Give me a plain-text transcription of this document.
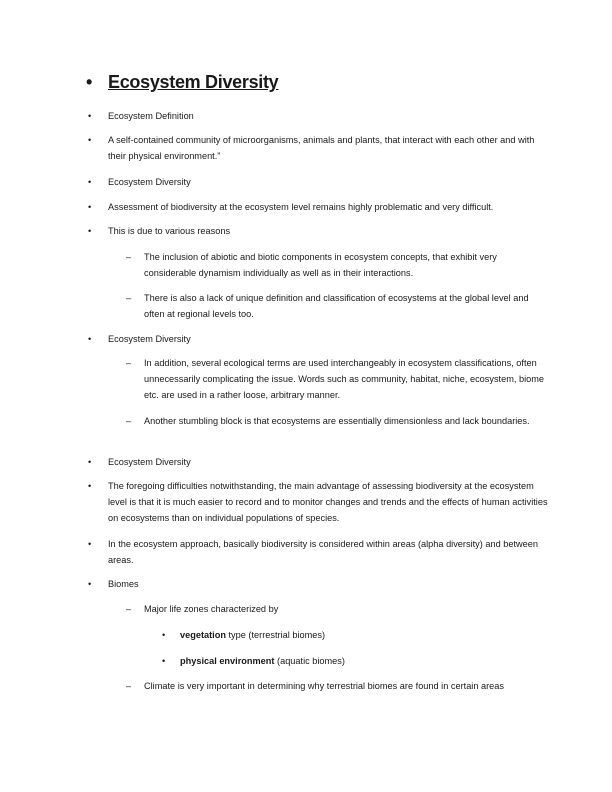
• Ecosystem Diversity
• Ecosystem Definition
• A self-contained community of microorganisms, animals and plants, that interact with each other and with their physical environment.”
• Ecosystem Diversity
• Assessment of biodiversity at the ecosystem level remains highly problematic and very difficult.
• This is due to various reasons
– The inclusion of abiotic and biotic components in ecosystem concepts, that exhibit very considerable dynamism individually as well as in their interactions.
– There is also a lack of unique definition and classification of ecosystems at the global level and often at regional levels too.
• Ecosystem Diversity
– In addition, several ecological terms are used interchangeably in ecosystem classifications, often unnecessarily complicating the issue. Words such as community, habitat, niche, ecosystem, biome etc. are used in a rather loose, arbitrary manner.
– Another stumbling block is that ecosystems are essentially dimensionless and lack boundaries.
• Ecosystem Diversity
• The foregoing difficulties notwithstanding, the main advantage of assessing biodiversity at the ecosystem level is that it is much easier to record and to monitor changes and trends and the effects of human activities on ecosystems than on individual populations of species.
• In the ecosystem approach, basically biodiversity is considered within areas (alpha diversity) and between areas.
• Biomes
– Major life zones characterized by
• vegetation type (terrestrial biomes)
• physical environment (aquatic biomes)
– Climate is very important in determining why terrestrial biomes are found in certain areas
